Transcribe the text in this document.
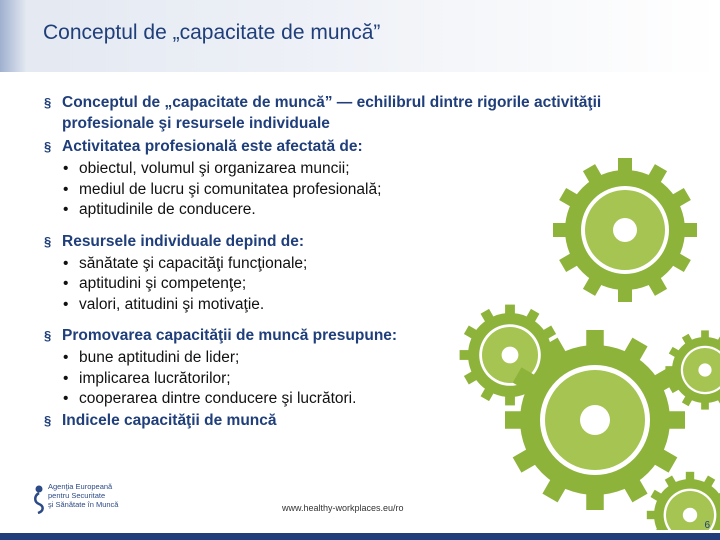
Conceptul de „capacitate de muncă”
§ Conceptul de „capacitate de muncă” — echilibrul dintre rigorile activităţii profesionale şi resursele individuale
§ Activitatea profesională este afectată de:
• obiectul, volumul şi organizarea muncii;
• mediul de lucru şi comunitatea profesională;
• aptitudinile de conducere.
§ Resursele individuale depind de:
• sănătate şi capacităţi funcţionale;
• aptitudini şi competenţe;
• valori, atitudini şi motivaţie.
§ Promovarea capacităţii de muncă presupune:
• bune aptitudini de lider;
• implicarea lucrătorilor;
• cooperarea dintre conducere şi lucrători.
§ Indicele capacităţii de muncă
Agenţia Europeană
pentru Securitate
şi Sănătate în Muncă	www.healthy-workplaces.eu/ro
6
